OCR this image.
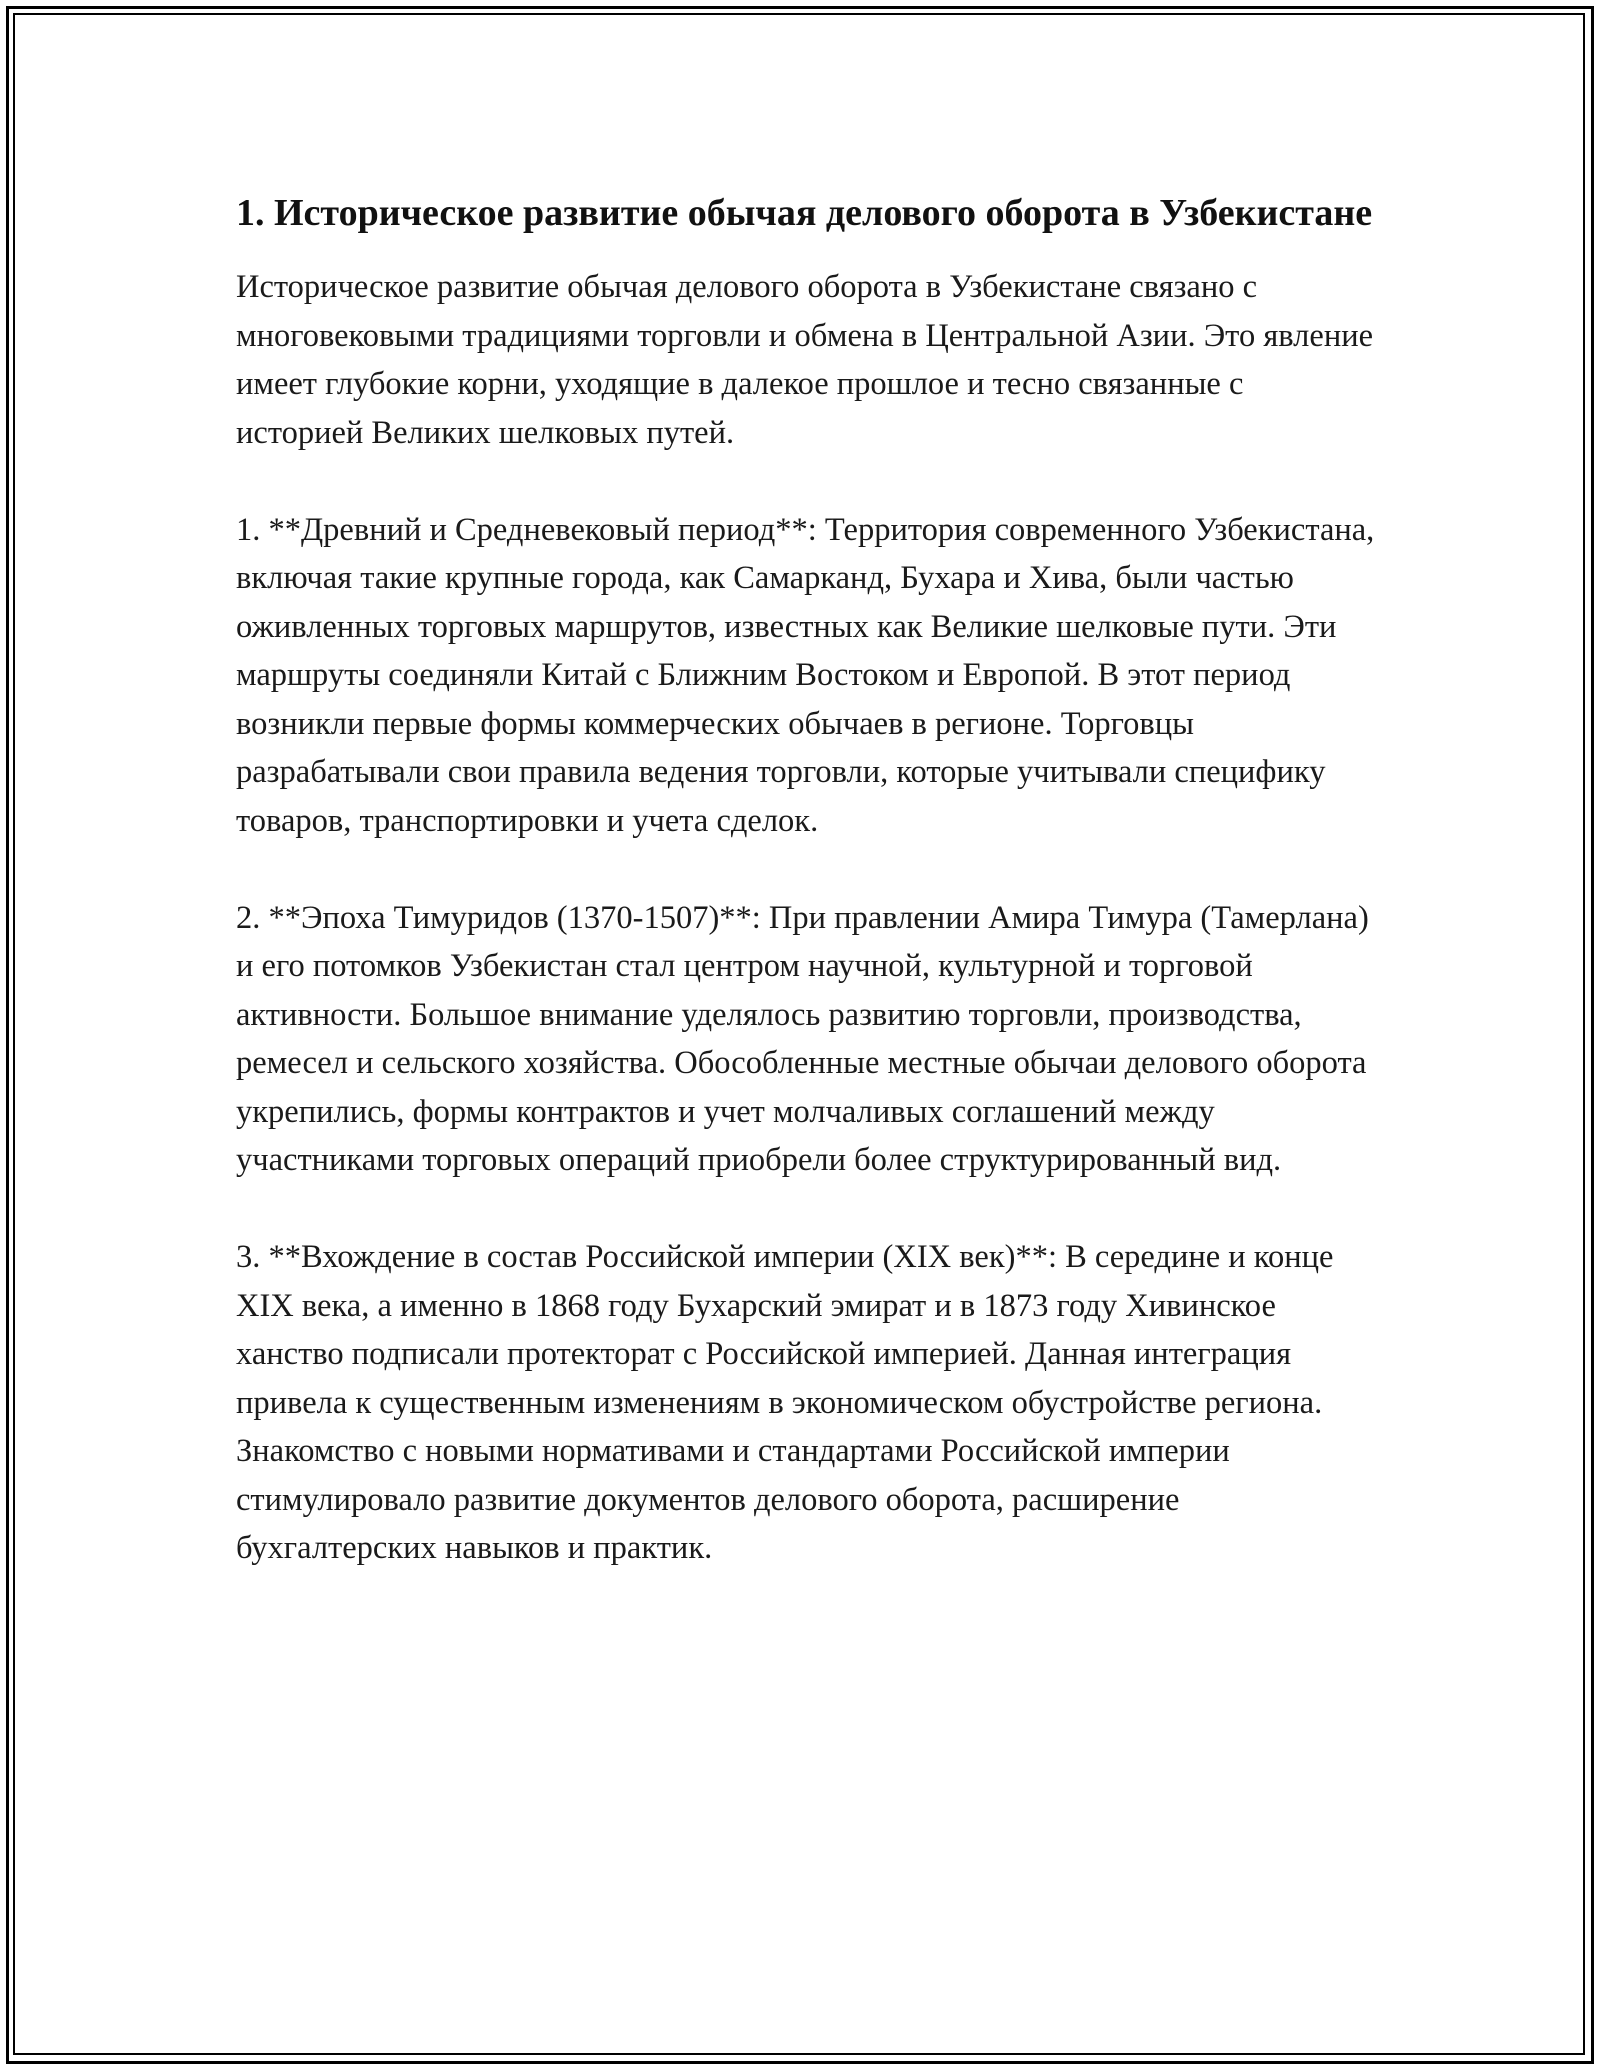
1. Историческое развитие обычая делового оборота в Узбекистане

Историческое развитие обычая делового оборота в Узбекистане связано с многовековыми традициями торговли и обмена в Центральной Азии. Это явление имеет глубокие корни, уходящие в далекое прошлое и тесно связанные с историей Великих шелковых путей.

1. **Древний и Средневековый период**: Территория современного Узбекистана, включая такие крупные города, как Самарканд, Бухара и Хива, были частью оживленных торговых маршрутов, известных как Великие шелковые пути. Эти маршруты соединяли Китай с Ближним Востоком и Европой. В этот период возникли первые формы коммерческих обычаев в регионе. Торговцы разрабатывали свои правила ведения торговли, которые учитывали специфику товаров, транспортировки и учета сделок.

2. **Эпоха Тимуридов (1370-1507)**: При правлении Амира Тимура (Тамерлана) и его потомков Узбекистан стал центром научной, культурной и торговой активности. Большое внимание уделялось развитию торговли, производства, ремесел и сельского хозяйства. Обособленные местные обычаи делового оборота укрепились, формы контрактов и учет молчаливых соглашений между участниками торговых операций приобрели более структурированный вид.

3. **Вхождение в состав Российской империи (XIX век)**: В середине и конце XIX века, а именно в 1868 году Бухарский эмират и в 1873 году Хивинское ханство подписали протекторат с Российской империей. Данная интеграция привела к существенным изменениям в экономическом обустройстве региона. Знакомство с новыми нормативами и стандартами Российской империи стимулировало развитие документов делового оборота, расширение бухгалтерских навыков и практик.
